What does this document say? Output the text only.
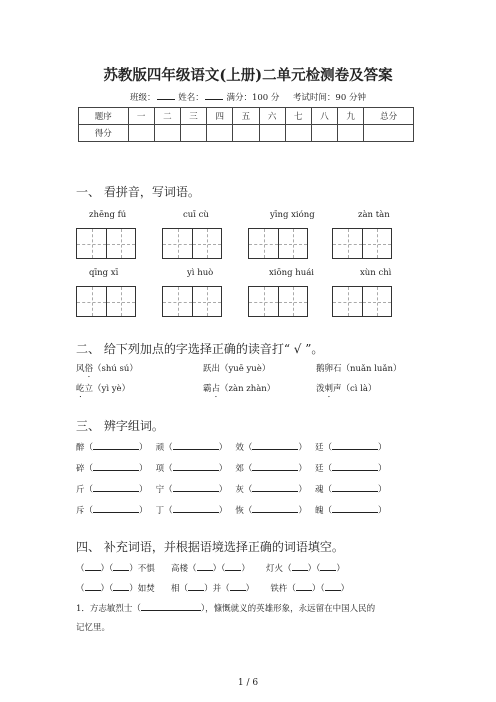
苏教版四年级语文(上册)二单元检测卷及答案
班级：	姓名：	满分：100 分 考试时间：90 分钟
题序	一	二	三	四	五	六	七	八	九	总分
得分										
一、 看拼音，写词语。
zhēng fú	cuī cù	yīng xióng	zàn tàn
qīng xī	yì huò	xiōng huái	xùn chì
二、 给下列加点的字选择正确的读音打“ √ ”。
风俗（shú sú）	跃出（yuē yuè）	鹅卵石（nuǎn luǎn）
屹立（yì yè）	霸占（zàn zhàn）	泼刺声（cì là）
三、 辨字组词。
醉（	） 顽（	） 效（	） 廷（	）
碎（	） 项（	） 郊（	） 廷（	）
斤（	） 宁（	） 灰（	） 魂（	）
斥（	） 丁（	） 恢（	） 魄（	）
四、 补充词语，并根据语境选择正确的词语填空。
（ ）（ ）不惧 高楼（ ）（ ）      灯火（ ）（ ）
（ ）（ ）如焚 相（ ）并（ ）      铁杵（ ）（ ）
1．方志敏烈士（	），慷慨就义的英雄形象，永远留在中国人民的
记忆里。
1 / 6
